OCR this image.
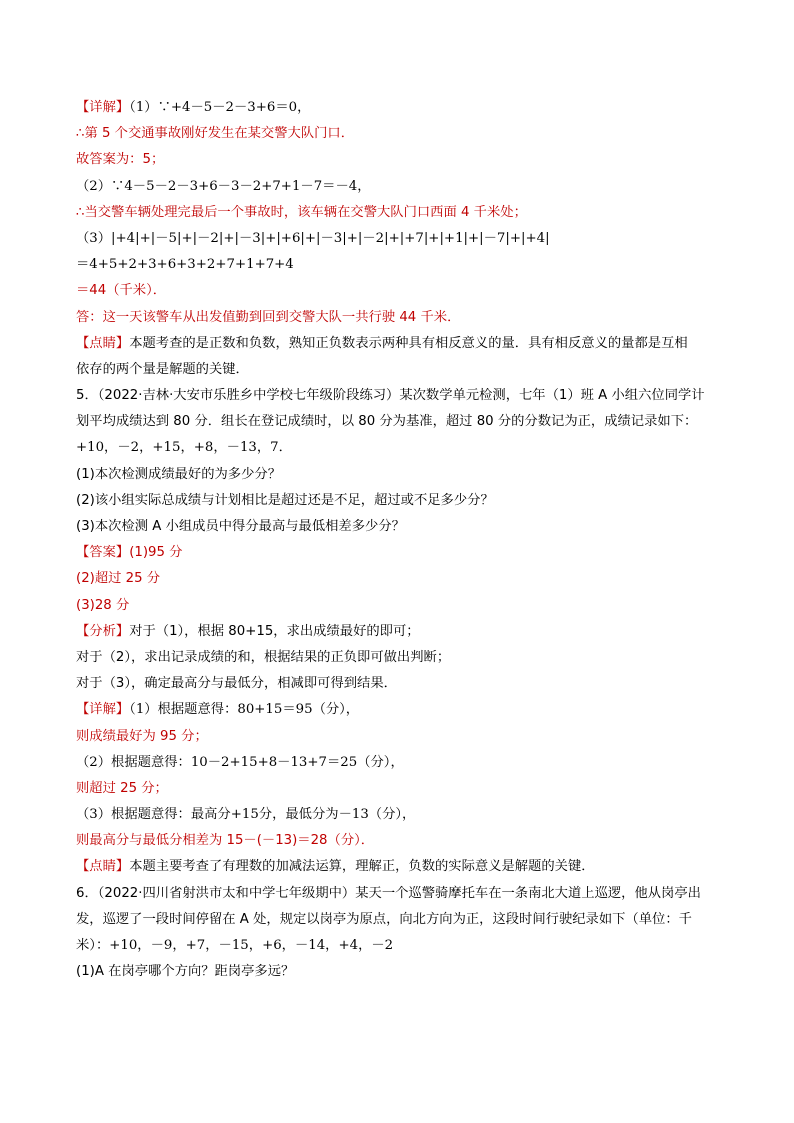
【详解】（1）∵+4－5－2－3+6＝0，
∴第 5 个交通事故刚好发生在某交警大队门口．
故答案为：5；
（2）∵4－5－2－3+6－3－2+7+1－7＝－4，
∴当交警车辆处理完最后一个事故时，该车辆在交警大队门口西面 4 千米处；
（3）|+4|+|－5|+|－2|+|－3|+|+6|+|－3|+|－2|+|+7|+|+1|+|－7|+|+4|
＝4+5+2+3+6+3+2+7+1+7+4
＝44（千米）．
答：这一天该警车从出发值勤到回到交警大队一共行驶 44 千米．
【点睛】本题考查的是正数和负数，熟知正负数表示两种具有相反意义的量．具有相反意义的量都是互相
依存的两个量是解题的关键．
5．（2022·吉林·大安市乐胜乡中学校七年级阶段练习）某次数学单元检测，七年（1）班 A 小组六位同学计
划平均成绩达到 80 分．组长在登记成绩时，以 80 分为基准，超过 80 分的分数记为正，成绩记录如下：
+10，－2，+15，+8，－13，7．
(1)本次检测成绩最好的为多少分？
(2)该小组实际总成绩与计划相比是超过还是不足，超过或不足多少分？
(3)本次检测 A 小组成员中得分最高与最低相差多少分？
【答案】(1)95 分
(2)超过 25 分
(3)28 分
【分析】对于（1），根据 80+15，求出成绩最好的即可；
对于（2），求出记录成绩的和，根据结果的正负即可做出判断；
对于（3），确定最高分与最低分，相减即可得到结果．
【详解】（1）根据题意得：80+15＝95（分），
则成绩最好为 95 分；
（2）根据题意得：10－2+15+8－13+7＝25（分），
则超过 25 分；
（3）根据题意得：最高分+15分，最低分为－13（分），
则最高分与最低分相差为 15－(－13)＝28（分）．
【点睛】本题主要考查了有理数的加减法运算，理解正，负数的实际意义是解题的关键．
6．（2022·四川省射洪市太和中学七年级期中）某天一个巡警骑摩托车在一条南北大道上巡逻，他从岗亭出
发，巡逻了一段时间停留在 A 处，规定以岗亭为原点，向北方向为正，这段时间行驶纪录如下（单位：千
米）：+10，－9，+7，－15，+6，－14，+4，－2
(1)A 在岗亭哪个方向？距岗亭多远？
